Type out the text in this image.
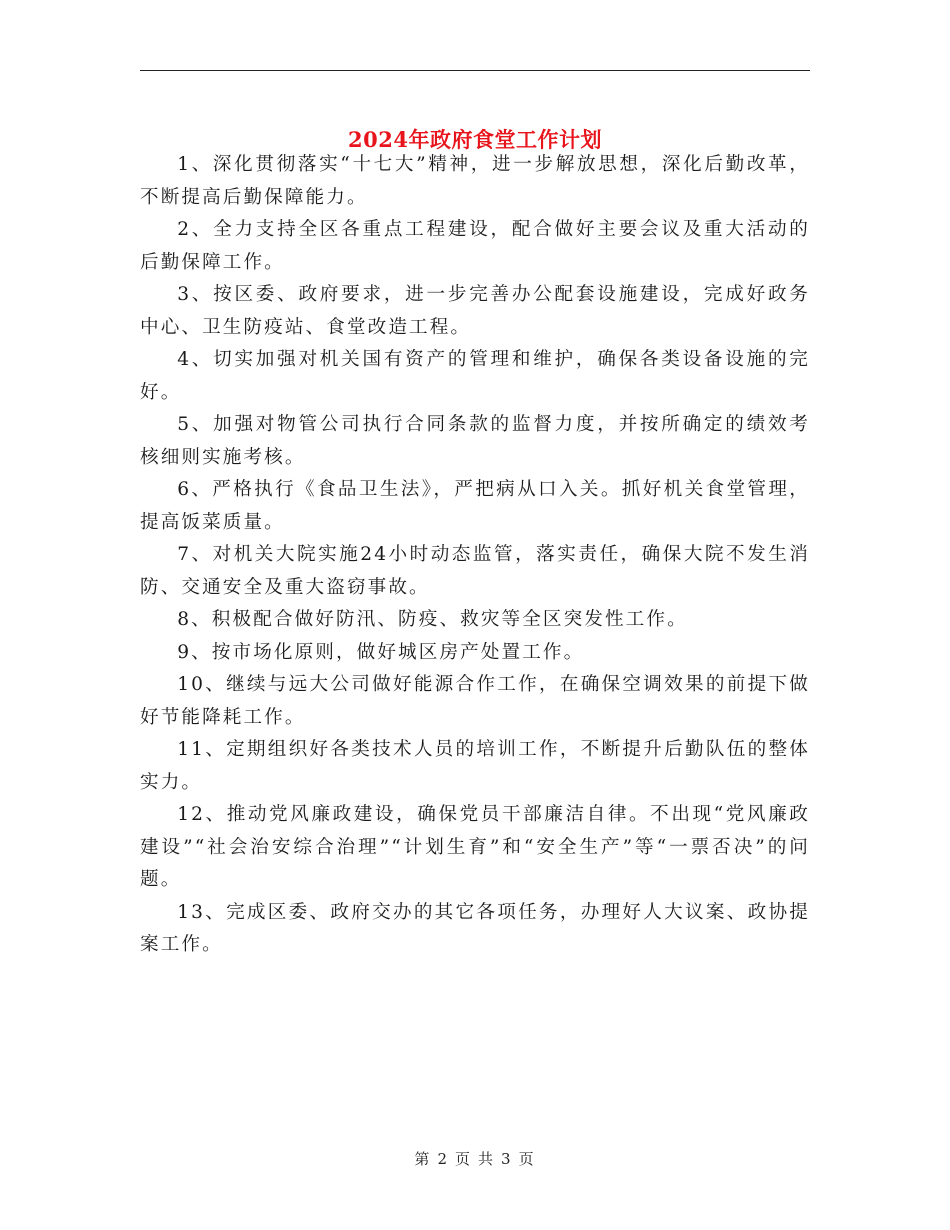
2024年政府食堂工作计划

1、深化贯彻落实“十七大”精神，进一步解放思想，深化后勤改革，不断提高后勤保障能力。

2、全力支持全区各重点工程建设，配合做好主要会议及重大活动的后勤保障工作。

3、按区委、政府要求，进一步完善办公配套设施建设，完成好政务中心、卫生防疫站、食堂改造工程。

4、切实加强对机关国有资产的管理和维护，确保各类设备设施的完好。

5、加强对物管公司执行合同条款的监督力度，并按所确定的绩效考核细则实施考核。

6、严格执行《食品卫生法》，严把病从口入关。抓好机关食堂管理，提高饭菜质量。

7、对机关大院实施24小时动态监管，落实责任，确保大院不发生消防、交通安全及重大盗窃事故。

8、积极配合做好防汛、防疫、救灾等全区突发性工作。

9、按市场化原则，做好城区房产处置工作。

10、继续与远大公司做好能源合作工作，在确保空调效果的前提下做好节能降耗工作。

11、定期组织好各类技术人员的培训工作，不断提升后勤队伍的整体实力。

12、推动党风廉政建设，确保党员干部廉洁自律。不出现“党风廉政建设”“社会治安综合治理”“计划生育”和“安全生产”等“一票否决”的问题。

13、完成区委、政府交办的其它各项任务，办理好人大议案、政协提案工作。

第 2 页 共 3 页
